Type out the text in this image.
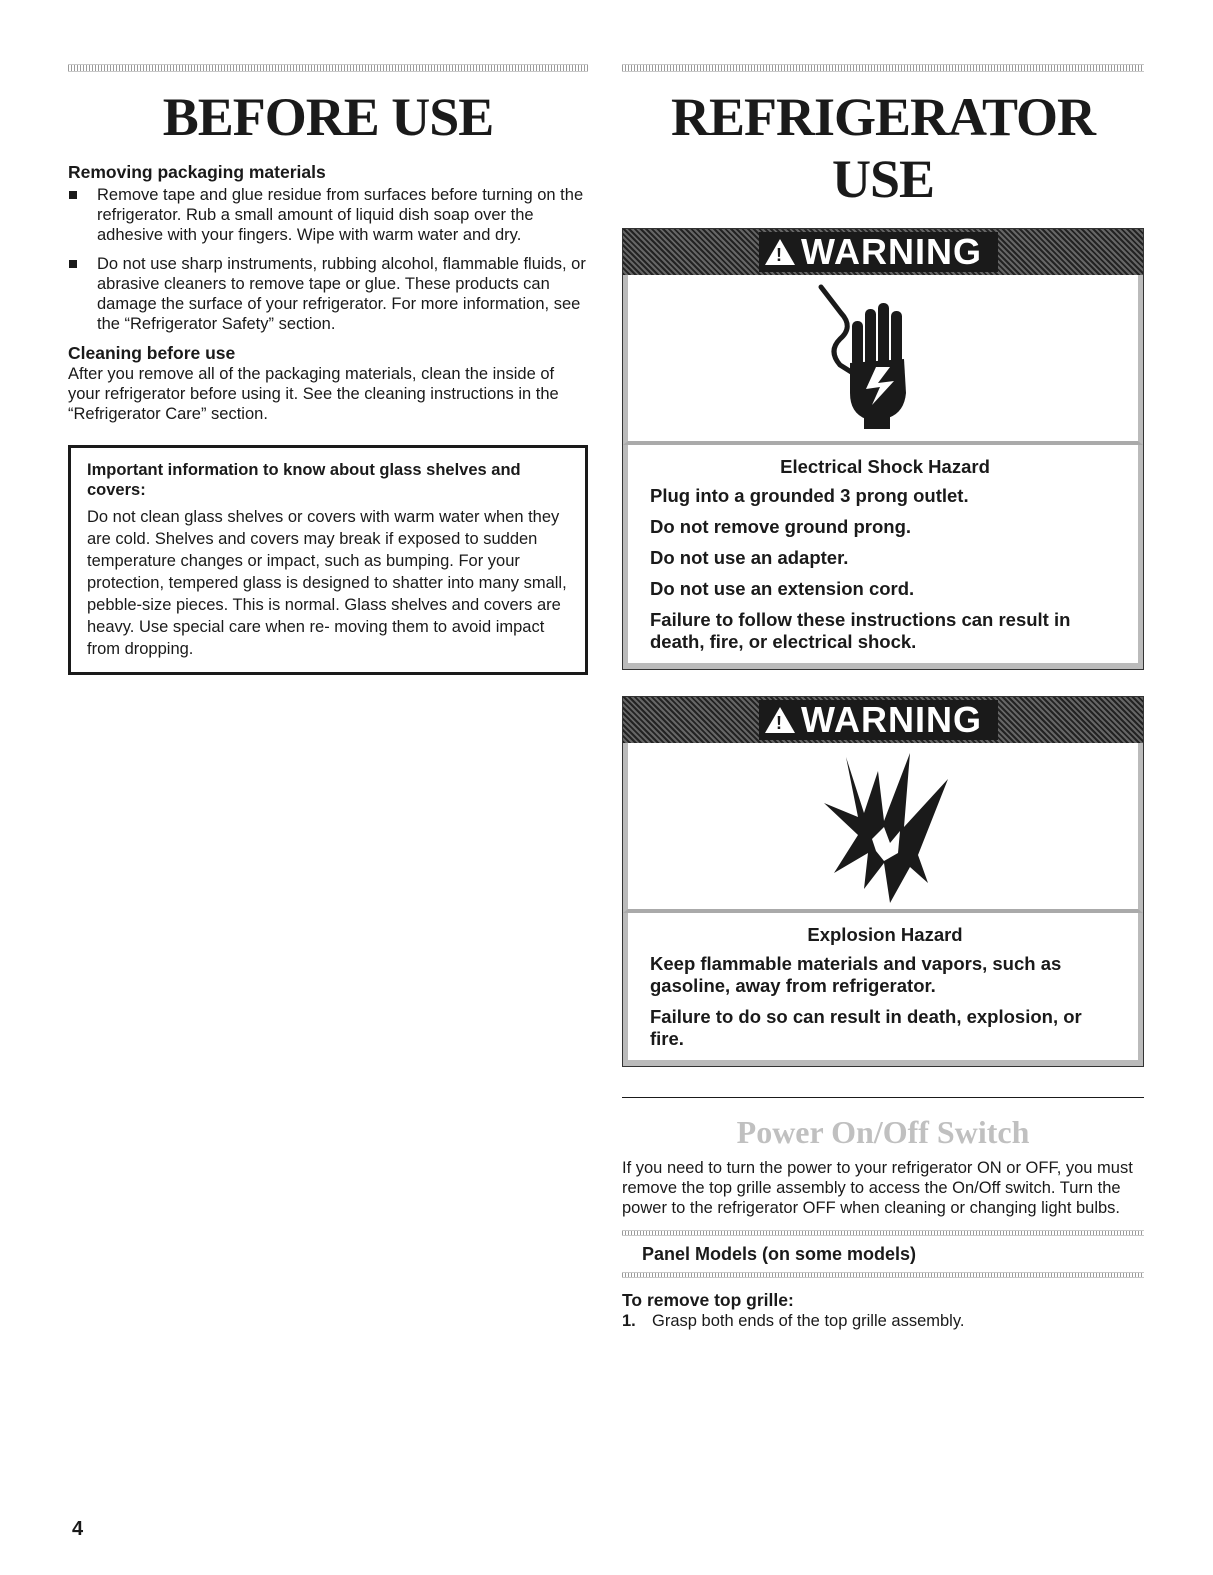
BEFORE USE
Removing packaging materials
Remove tape and glue residue from surfaces before turning on the refrigerator. Rub a small amount of liquid dish soap over the adhesive with your fingers. Wipe with warm water and dry.
Do not use sharp instruments, rubbing alcohol, flammable fluids, or abrasive cleaners to remove tape or glue. These products can damage the surface of your refrigerator. For more information, see the “Refrigerator Safety” section.
Cleaning before use

After you remove all of the packaging materials, clean the inside of your refrigerator before using it. See the cleaning instructions in the “Refrigerator Care” section.

Important information to know about glass shelves and covers:

Do not clean glass shelves or covers with warm water when they are cold. Shelves and covers may break if exposed to sudden temperature changes or impact, such as bumping. For your protection, tempered glass is designed to shatter into many small, pebble-size pieces. This is normal. Glass shelves and covers are heavy. Use special care when re- moving them to avoid impact from dropping.

REFRIGERATOR USE
!
WARNING

Electrical Shock Hazard

Plug into a grounded 3 prong outlet.

Do not remove ground prong.

Do not use an adapter.

Do not use an extension cord.

Failure to follow these instructions can result in death, fire, or electrical shock.

!
WARNING

Explosion Hazard

Keep flammable materials and vapors, such as gasoline, away from refrigerator.

Failure to do so can result in death, explosion, or fire.

Power On/Off Switch

If you need to turn the power to your refrigerator ON or OFF, you must remove the top grille assembly to access the On/Off switch. Turn the power to the refrigerator OFF when cleaning or changing light bulbs.

Panel Models (on some models)
To remove top grille:

1. Grasp both ends of the top grille assembly.

4
